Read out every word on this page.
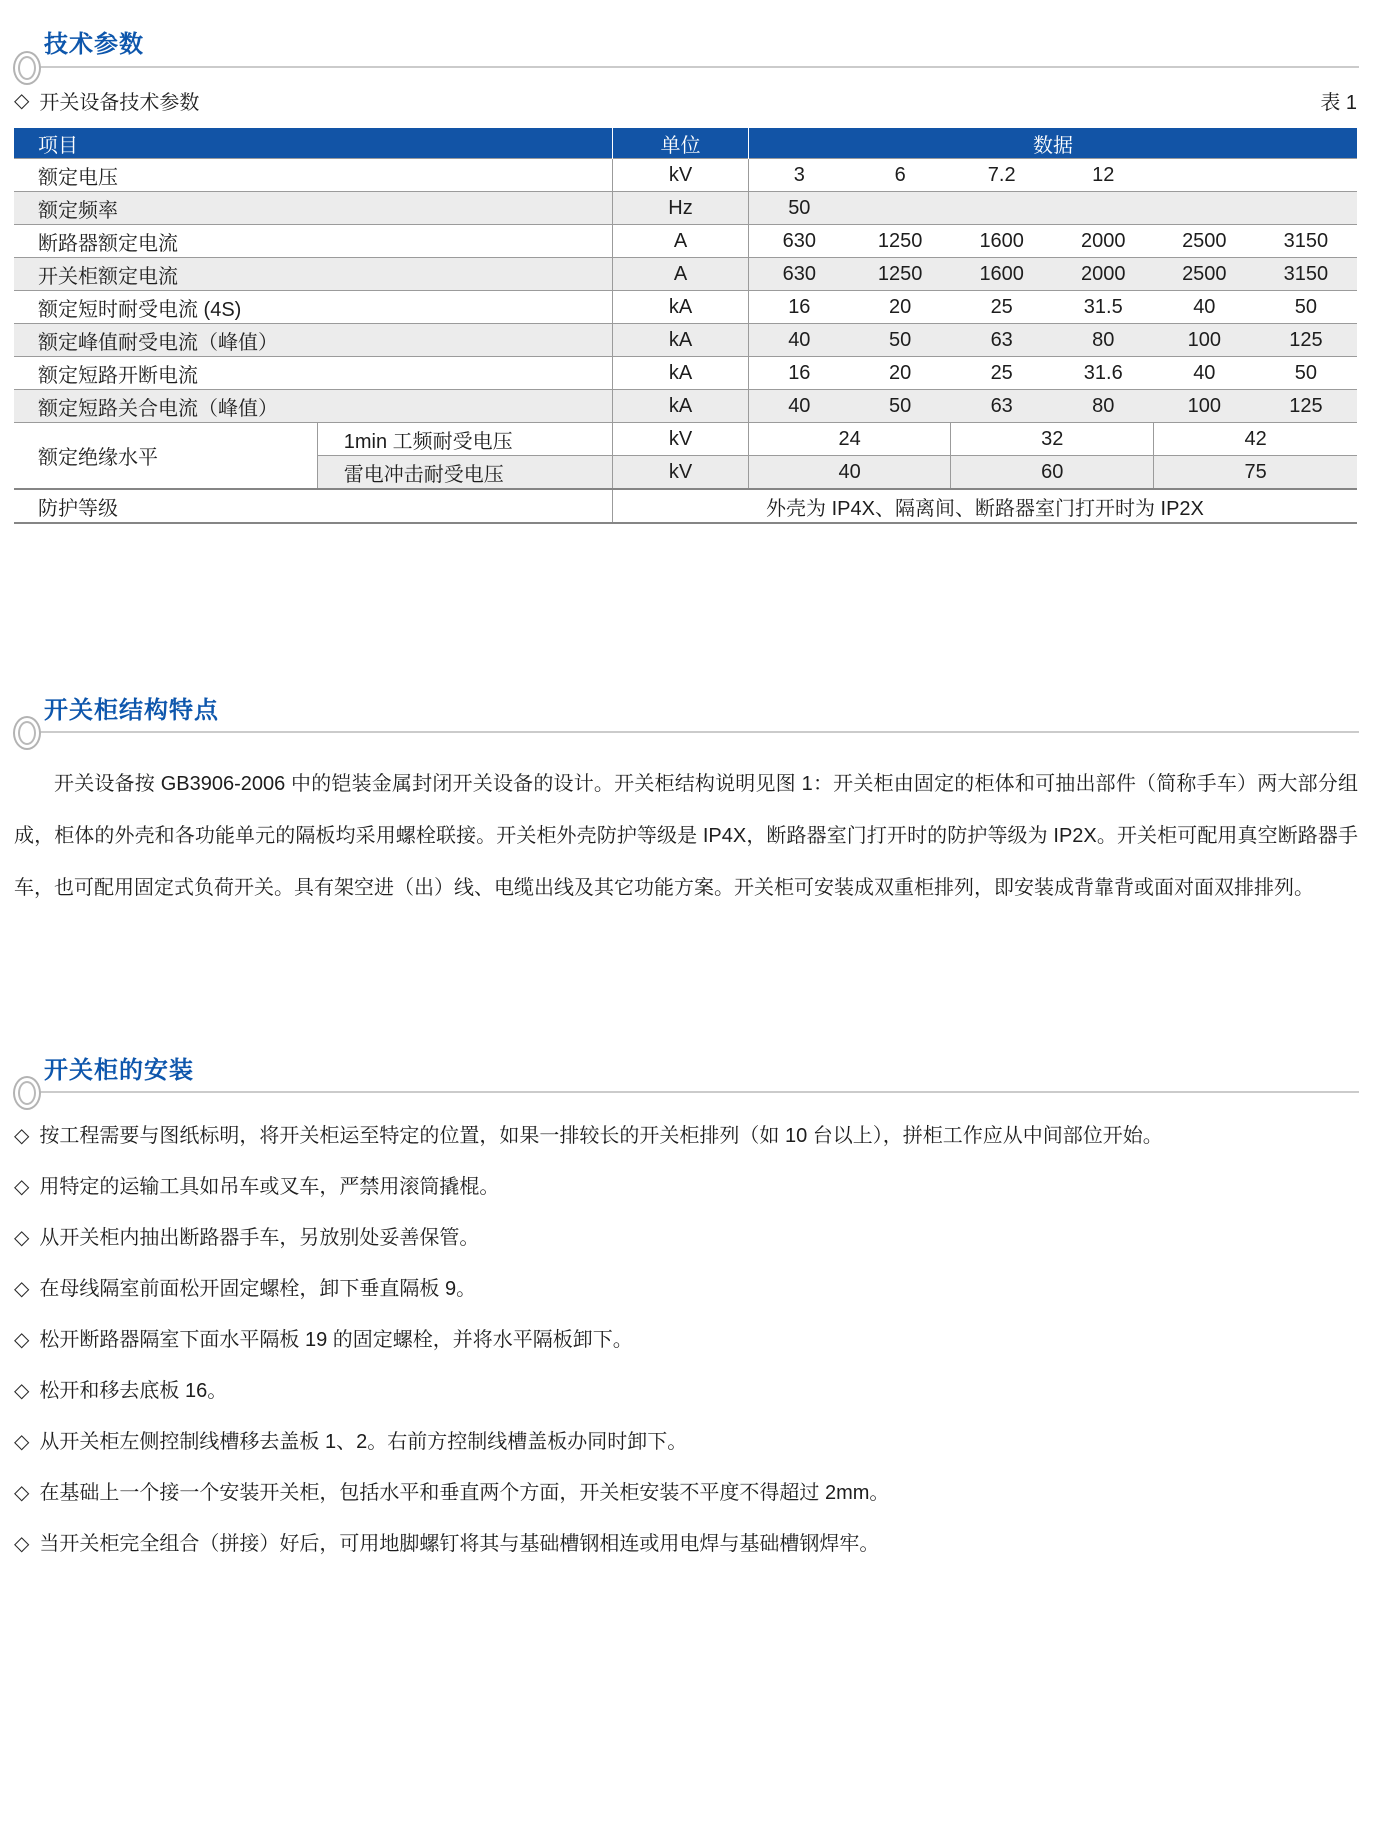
技术参数
◇ 开关设备技术参数	表 1
项目		单位	数据					
额定电压		kV	3	6	7.2	12		
额定频率		Hz	50					
断路器额定电流		A	630	1250	1600	2000	2500	3150
开关柜额定电流		A	630	1250	1600	2000	2500	3150
额定短时耐受电流 (4S)		kA	16	20	25	31.5	40	50
额定峰值耐受电流（峰值）		kA	40	50	63	80	100	125
额定短路开断电流		kA	16	20	25	31.6	40	50
额定短路关合电流（峰值）		kA	40	50	63	80	100	125
额定绝缘水平	1min 工频耐受电压	kV	24		32		42	
	雷电冲击耐受电压	kV	40		60		75	
防护等级		外壳为 IP4X、隔离间、断路器室门打开时为 IP2X						
开关柜结构特点
开关设备按 GB3906-2006 中的铠装金属封闭开关设备的设计。开关柜结构说明见图 1：开关柜由固定的柜体和可抽出部件（简称手车）两大部分组成，柜体的外壳和各功能单元的隔板均采用螺栓联接。开关柜外壳防护等级是 IP4X，断路器室门打开时的防护等级为 IP2X。开关柜可配用真空断路器手车，也可配用固定式负荷开关。具有架空进（出）线、电缆出线及其它功能方案。开关柜可安装成双重柜排列，即安装成背靠背或面对面双排排列。
开关柜的安装
◇ 按工程需要与图纸标明，将开关柜运至特定的位置，如果一排较长的开关柜排列（如 10 台以上），拼柜工作应从中间部位开始。
◇ 用特定的运输工具如吊车或叉车，严禁用滚筒撬棍。
◇ 从开关柜内抽出断路器手车，另放别处妥善保管。
◇ 在母线隔室前面松开固定螺栓，卸下垂直隔板 9。
◇ 松开断路器隔室下面水平隔板 19 的固定螺栓，并将水平隔板卸下。
◇ 松开和移去底板 16。
◇ 从开关柜左侧控制线槽移去盖板 1、2。右前方控制线槽盖板办同时卸下。
◇ 在基础上一个接一个安装开关柜，包括水平和垂直两个方面，开关柜安装不平度不得超过 2mm。
◇ 当开关柜完全组合（拼接）好后，可用地脚螺钉将其与基础槽钢相连或用电焊与基础槽钢焊牢。
